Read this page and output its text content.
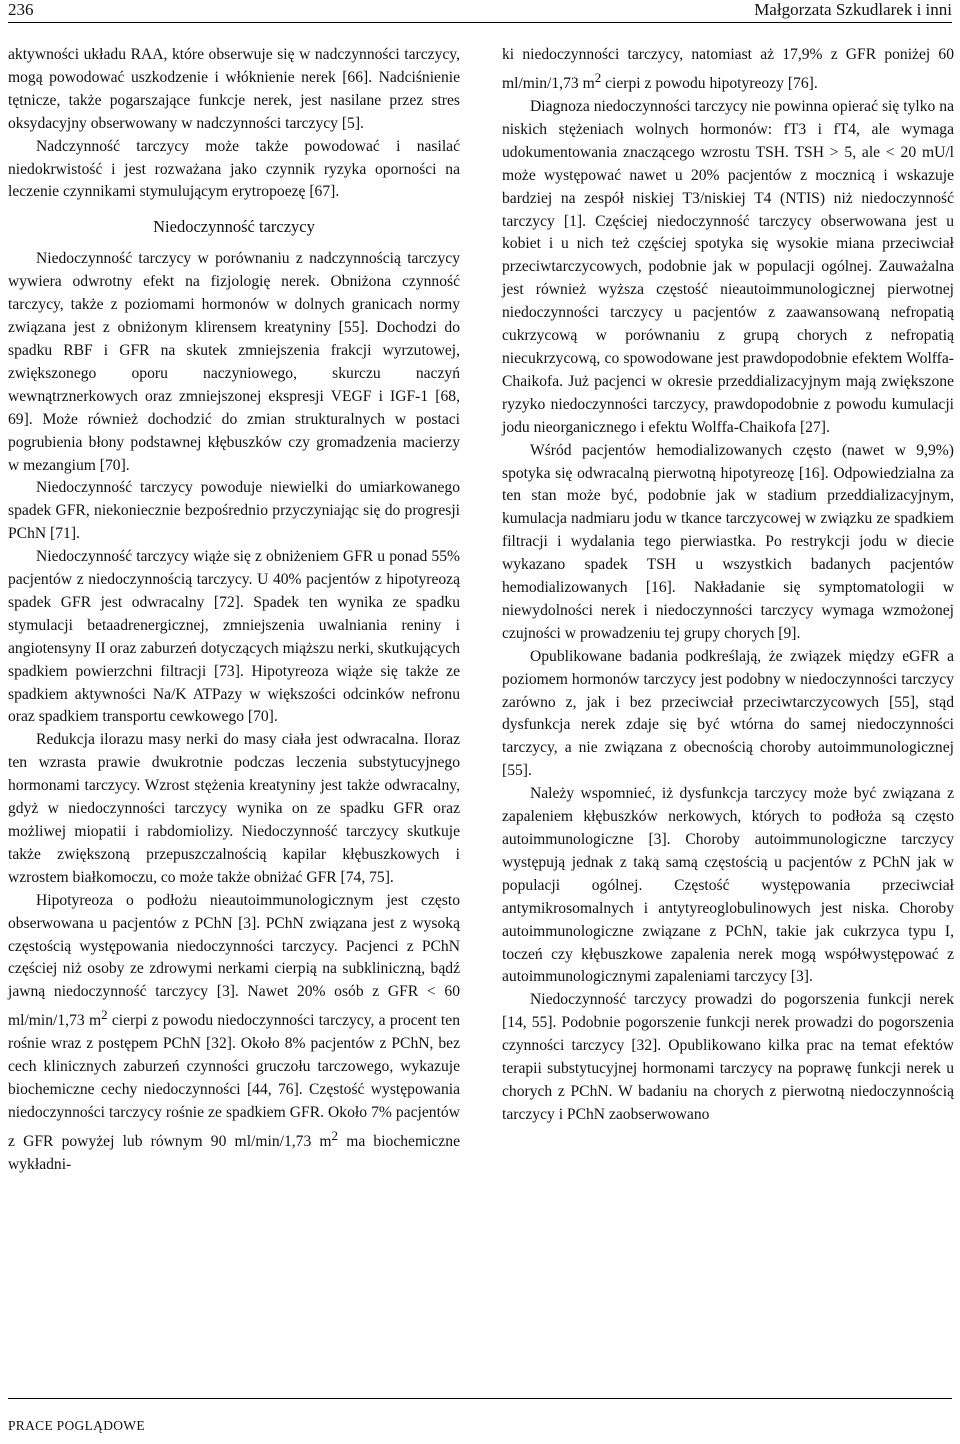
236	Małgorzata Szkudlarek i inni

aktywności układu RAA, które obserwuje się w nadczynności tarczycy, mogą powodować uszkodzenie i włóknienie nerek [66]. Nadciśnienie tętnicze, także pogarszające funkcje nerek, jest nasilane przez stres oksydacyjny obserwowany w nadczynności tarczycy [5].

Nadczynność tarczycy może także powodować i nasilać niedokrwistość i jest rozważana jako czynnik ryzyka oporności na leczenie czynnikami stymulującym erytropoezę [67].

Niedoczynność tarczycy

Niedoczynność tarczycy w porównaniu z nadczynnością tarczycy wywiera odwrotny efekt na fizjologię nerek. Obniżona czynność tarczycy, także z poziomami hormonów w dolnych granicach normy związana jest z obniżonym klirensem kreatyniny [55]. Dochodzi do spadku RBF i GFR na skutek zmniejszenia frakcji wyrzutowej, zwiększonego oporu naczyniowego, skurczu naczyń wewnątrznerkowych oraz zmniejszonej ekspresji VEGF i IGF-1 [68, 69]. Może również dochodzić do zmian strukturalnych w postaci pogrubienia błony podstawnej kłębuszków czy gromadzenia macierzy w mezangium [70].

Niedoczynność tarczycy powoduje niewielki do umiarkowanego spadek GFR, niekoniecznie bezpośrednio przyczyniając się do progresji PChN [71].

Niedoczynność tarczycy wiąże się z obniżeniem GFR u ponad 55% pacjentów z niedoczynnością tarczycy. U 40% pacjentów z hipotyreozą spadek GFR jest odwracalny [72]. Spadek ten wynika ze spadku stymulacji betaadrenergicznej, zmniejszenia uwalniania reniny i angiotensyny II oraz zaburzeń dotyczących miąższu nerki, skutkujących spadkiem powierzchni filtracji [73]. Hipotyreoza wiąże się także ze spadkiem aktywności Na/K ATPazy w większości odcinków nefronu oraz spadkiem transportu cewkowego [70].

Redukcja ilorazu masy nerki do masy ciała jest odwracalna. Iloraz ten wzrasta prawie dwukrotnie podczas leczenia substytucyjnego hormonami tarczycy. Wzrost stężenia kreatyniny jest także odwracalny, gdyż w niedoczynności tarczycy wynika on ze spadku GFR oraz możliwej miopatii i rabdomiolizy. Niedoczynność tarczycy skutkuje także zwiększoną przepuszczalnością kapilar kłębuszkowych i wzrostem białkomoczu, co może także obniżać GFR [74, 75].

Hipotyreoza o podłożu nieautoimmunologicznym jest często obserwowana u pacjentów z PChN [3]. PChN związana jest z wysoką częstością występowania niedoczynności tarczycy. Pacjenci z PChN częściej niż osoby ze zdrowymi nerkami cierpią na subkliniczną, bądź jawną niedoczynność tarczycy [3]. Nawet 20% osób z GFR < 60 ml/min/1,73 $m^2$ cierpi z powodu niedoczynności tarczycy, a procent ten rośnie wraz z postępem PChN [32]. Około 8% pacjentów z PChN, bez cech klinicznych zaburzeń czynności gruczołu tarczowego, wykazuje biochemiczne cechy niedoczynności [44, 76]. Częstość występowania niedoczynności tarczycy rośnie ze spadkiem GFR. Około 7% pacjentów z GFR powyżej lub równym 90 ml/min/1,73 $m^2$ ma biochemiczne wykładni-

ki niedoczynności tarczycy, natomiast aż 17,9% z GFR poniżej 60 ml/min/1,73 $m^2$ cierpi z powodu hipotyreozy [76].

Diagnoza niedoczynności tarczycy nie powinna opierać się tylko na niskich stężeniach wolnych hormonów: fT3 i fT4, ale wymaga udokumentowania znaczącego wzrostu TSH. TSH > 5, ale < 20 mU/l może występować nawet u 20% pacjentów z mocznicą i wskazuje bardziej na zespół niskiej T3/niskiej T4 (NTIS) niż niedoczynność tarczycy [1]. Częściej niedoczynność tarczycy obserwowana jest u kobiet i u nich też częściej spotyka się wysokie miana przeciwciał przeciwtarczycowych, podobnie jak w populacji ogólnej. Zauważalna jest również wyższa częstość nieautoimmunologicznej pierwotnej niedoczynności tarczycy u pacjentów z zaawansowaną nefropatią cukrzycową w porównaniu z grupą chorych z nefropatią niecukrzycową, co spowodowane jest prawdopodobnie efektem Wolffa-Chaikofa. Już pacjenci w okresie przeddializacyjnym mają zwiększone ryzyko niedoczynności tarczycy, prawdopodobnie z powodu kumulacji jodu nieorganicznego i efektu Wolffa-Chaikofa [27].

Wśród pacjentów hemodializowanych często (nawet w 9,9%) spotyka się odwracalną pierwotną hipotyreozę [16]. Odpowiedzialna za ten stan może być, podobnie jak w stadium przeddializacyjnym, kumulacja nadmiaru jodu w tkance tarczycowej w związku ze spadkiem filtracji i wydalania tego pierwiastka. Po restrykcji jodu w diecie wykazano spadek TSH u wszystkich badanych pacjentów hemodializowanych [16]. Nakładanie się symptomatologii w niewydolności nerek i niedoczynności tarczycy wymaga wzmożonej czujności w prowadzeniu tej grupy chorych [9].

Opublikowane badania podkreślają, że związek między eGFR a poziomem hormonów tarczycy jest podobny w niedoczynności tarczycy zarówno z, jak i bez przeciwciał przeciwtarczycowych [55], stąd dysfunkcja nerek zdaje się być wtórna do samej niedoczynności tarczycy, a nie związana z obecnością choroby autoimmunologicznej [55].

Należy wspomnieć, iż dysfunkcja tarczycy może być związana z zapaleniem kłębuszków nerkowych, których to podłoża są często autoimmunologiczne [3]. Choroby autoimmunologiczne tarczycy występują jednak z taką samą częstością u pacjentów z PChN jak w populacji ogólnej. Częstość występowania przeciwciał antymikrosomalnych i antytyreoglobulinowych jest niska. Choroby autoimmunologiczne związane z PChN, takie jak cukrzyca typu I, toczeń czy kłębuszkowe zapalenia nerek mogą współwystępować z autoimmunologicznymi zapaleniami tarczycy [3].

Niedoczynność tarczycy prowadzi do pogorszenia funkcji nerek [14, 55]. Podobnie pogorszenie funkcji nerek prowadzi do pogorszenia czynności tarczycy [32]. Opublikowano kilka prac na temat efektów terapii substytucyjnej hormonami tarczycy na poprawę funkcji nerek u chorych z PChN. W badaniu na chorych z pierwotną niedoczynnością tarczycy i PChN zaobserwowano

PRACE POGLĄDOWE
